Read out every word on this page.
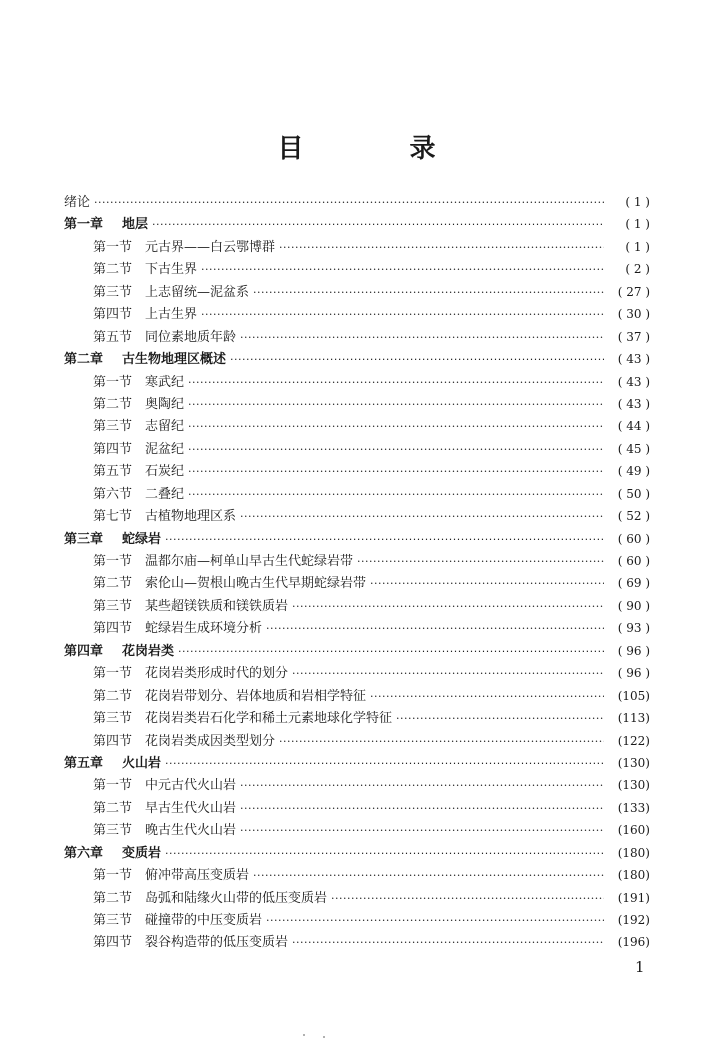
目　录
绪论 ·····	( 1 )
第一章	地层 ·····	( 1 )
第一节 元古界——白云鄂博群 ·····	( 1 )
第二节 下古生界 ·····	( 2 )
第三节 上志留统—泥盆系 ·····	( 27 )
第四节 上古生界 ·····	( 30 )
第五节 同位素地质年龄 ·····	( 37 )
第二章	古生物地理区概述 ·····	( 43 )
第一节 寒武纪 ·····	( 43 )
第二节 奥陶纪 ·····	( 43 )
第三节 志留纪 ·····	( 44 )
第四节 泥盆纪 ·····	( 45 )
第五节 石炭纪 ·····	( 49 )
第六节 二叠纪 ·····	( 50 )
第七节 古植物地理区系 ·····	( 52 )
第三章	蛇绿岩 ·····	( 60 )
第一节 温都尔庙—柯单山早古生代蛇绿岩带 ·····	( 60 )
第二节 索伦山—贺根山晚古生代早期蛇绿岩带 ·····	( 69 )
第三节 某些超镁铁质和镁铁质岩 ·····	( 90 )
第四节 蛇绿岩生成环境分析 ·····	( 93 )
第四章	花岗岩类 ·····	( 96 )
第一节 花岗岩类形成时代的划分 ·····	( 96 )
第二节 花岗岩带划分、岩体地质和岩相学特征 ·····	(105)
第三节 花岗岩类岩石化学和稀土元素地球化学特征 ·····	(113)
第四节 花岗岩类成因类型划分 ·····	(122)
第五章	火山岩 ·····	(130)
第一节 中元古代火山岩 ·····	(130)
第二节 早古生代火山岩 ·····	(133)
第三节 晚古生代火山岩 ·····	(160)
第六章	变质岩 ·····	(180)
第一节 俯冲带高压变质岩 ·····	(180)
第二节 岛弧和陆缘火山带的低压变质岩 ·····	(191)
第三节 碰撞带的中压变质岩 ·····	(192)
第四节 裂谷构造带的低压变质岩 ·····	(196)
1
